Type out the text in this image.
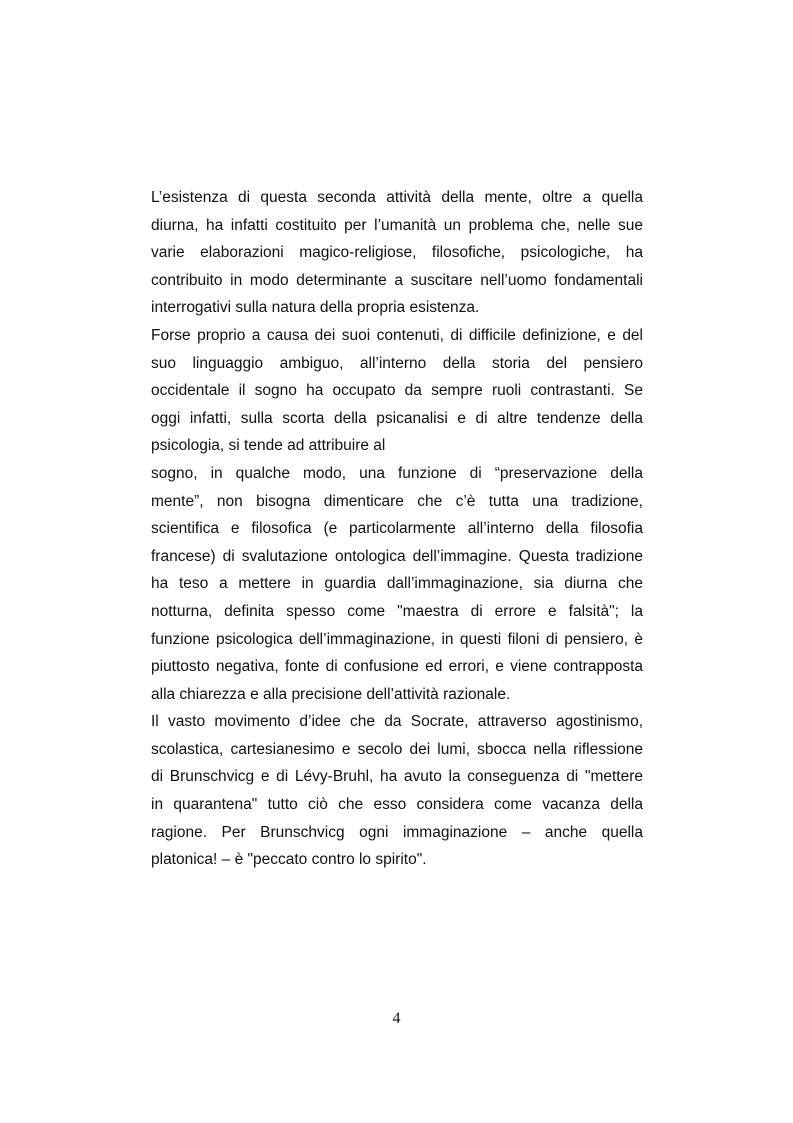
L’esistenza di questa seconda attività della mente, oltre a quella
diurna, ha infatti costituito per l’umanità un problema che, nelle sue
varie elaborazioni magico-religiose, filosofiche, psicologiche, ha
contribuito in modo determinante a suscitare nell’uomo fondamentali
interrogativi sulla natura della propria esistenza.
Forse proprio a causa dei suoi contenuti, di difficile definizione, e del
suo linguaggio ambiguo, all’interno della storia del pensiero
occidentale il sogno ha occupato da sempre ruoli contrastanti. Se
oggi infatti, sulla scorta della psicanalisi e di altre tendenze della
psicologia, si tende ad attribuire al
sogno, in qualche modo, una funzione di “preservazione della
mente”, non bisogna dimenticare che c’è tutta una tradizione,
scientifica e filosofica (e particolarmente all’interno della filosofia
francese) di svalutazione ontologica dell’immagine. Questa tradizione
ha teso a mettere in guardia dall’immaginazione, sia diurna che
notturna, definita spesso come "maestra di errore e falsità"; la
funzione psicologica dell’immaginazione, in questi filoni di pensiero, è
piuttosto negativa, fonte di confusione ed errori, e viene contrapposta
alla chiarezza e alla precisione dell’attività razionale.
Il vasto movimento d’idee che da Socrate, attraverso agostinismo,
scolastica, cartesianesimo e secolo dei lumi, sbocca nella riflessione
di Brunschvicg e di Lévy-Bruhl, ha avuto la conseguenza di "mettere
in quarantena" tutto ciò che esso considera come vacanza della
ragione. Per Brunschvicg ogni immaginazione – anche quella
platonica! – è "peccato contro lo spirito".
4
